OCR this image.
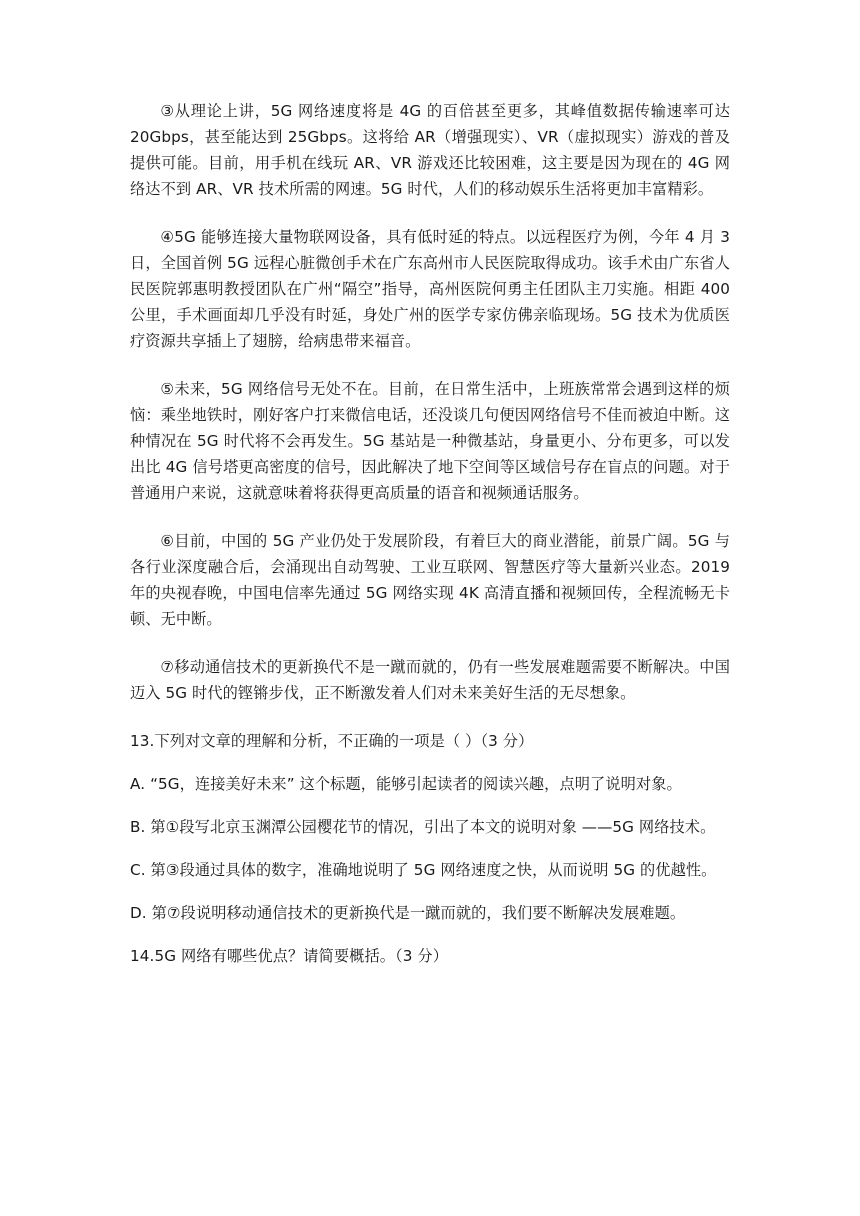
③从理论上讲，5G 网络速度将是 4G 的百倍甚至更多，其峰值数据传输速率可达 20Gbps，甚至能达到 25Gbps。这将给 AR（增强现实）、VR（虚拟现实）游戏的普及提供可能。目前，用手机在线玩 AR、VR 游戏还比较困难，这主要是因为现在的 4G 网络达不到 AR、VR 技术所需的网速。5G 时代，人们的移动娱乐生活将更加丰富精彩。

④5G 能够连接大量物联网设备，具有低时延的特点。以远程医疗为例，今年 4 月 3 日，全国首例 5G 远程心脏微创手术在广东高州市人民医院取得成功。该手术由广东省人民医院郭惠明教授团队在广州“隔空”指导，高州医院何勇主任团队主刀实施。相距 400 公里，手术画面却几乎没有时延，身处广州的医学专家仿佛亲临现场。5G 技术为优质医疗资源共享插上了翅膀，给病患带来福音。

⑤未来，5G 网络信号无处不在。目前，在日常生活中，上班族常常会遇到这样的烦恼：乘坐地铁时，刚好客户打来微信电话，还没谈几句便因网络信号不佳而被迫中断。这种情况在 5G 时代将不会再发生。5G 基站是一种微基站，身量更小、分布更多，可以发出比 4G 信号塔更高密度的信号，因此解决了地下空间等区域信号存在盲点的问题。对于普通用户来说，这就意味着将获得更高质量的语音和视频通话服务。

⑥目前，中国的 5G 产业仍处于发展阶段，有着巨大的商业潜能，前景广阔。5G 与各行业深度融合后，会涌现出自动驾驶、工业互联网、智慧医疗等大量新兴业态。2019 年的央视春晚，中国电信率先通过 5G 网络实现 4K 高清直播和视频回传，全程流畅无卡顿、无中断。

⑦移动通信技术的更新换代不是一蹴而就的，仍有一些发展难题需要不断解决。中国迈入 5G 时代的铿锵步伐，正不断激发着人们对未来美好生活的无尽想象。

13.下列对文章的理解和分析，不正确的一项是（ ）（3 分）

A. “5G，连接美好未来” 这个标题，能够引起读者的阅读兴趣，点明了说明对象。

B. 第①段写北京玉渊潭公园樱花节的情况，引出了本文的说明对象 ——5G 网络技术。

C. 第③段通过具体的数字，准确地说明了 5G 网络速度之快，从而说明 5G 的优越性。

D. 第⑦段说明移动通信技术的更新换代是一蹴而就的，我们要不断解决发展难题。

14.5G 网络有哪些优点？请简要概括。（3 分）
